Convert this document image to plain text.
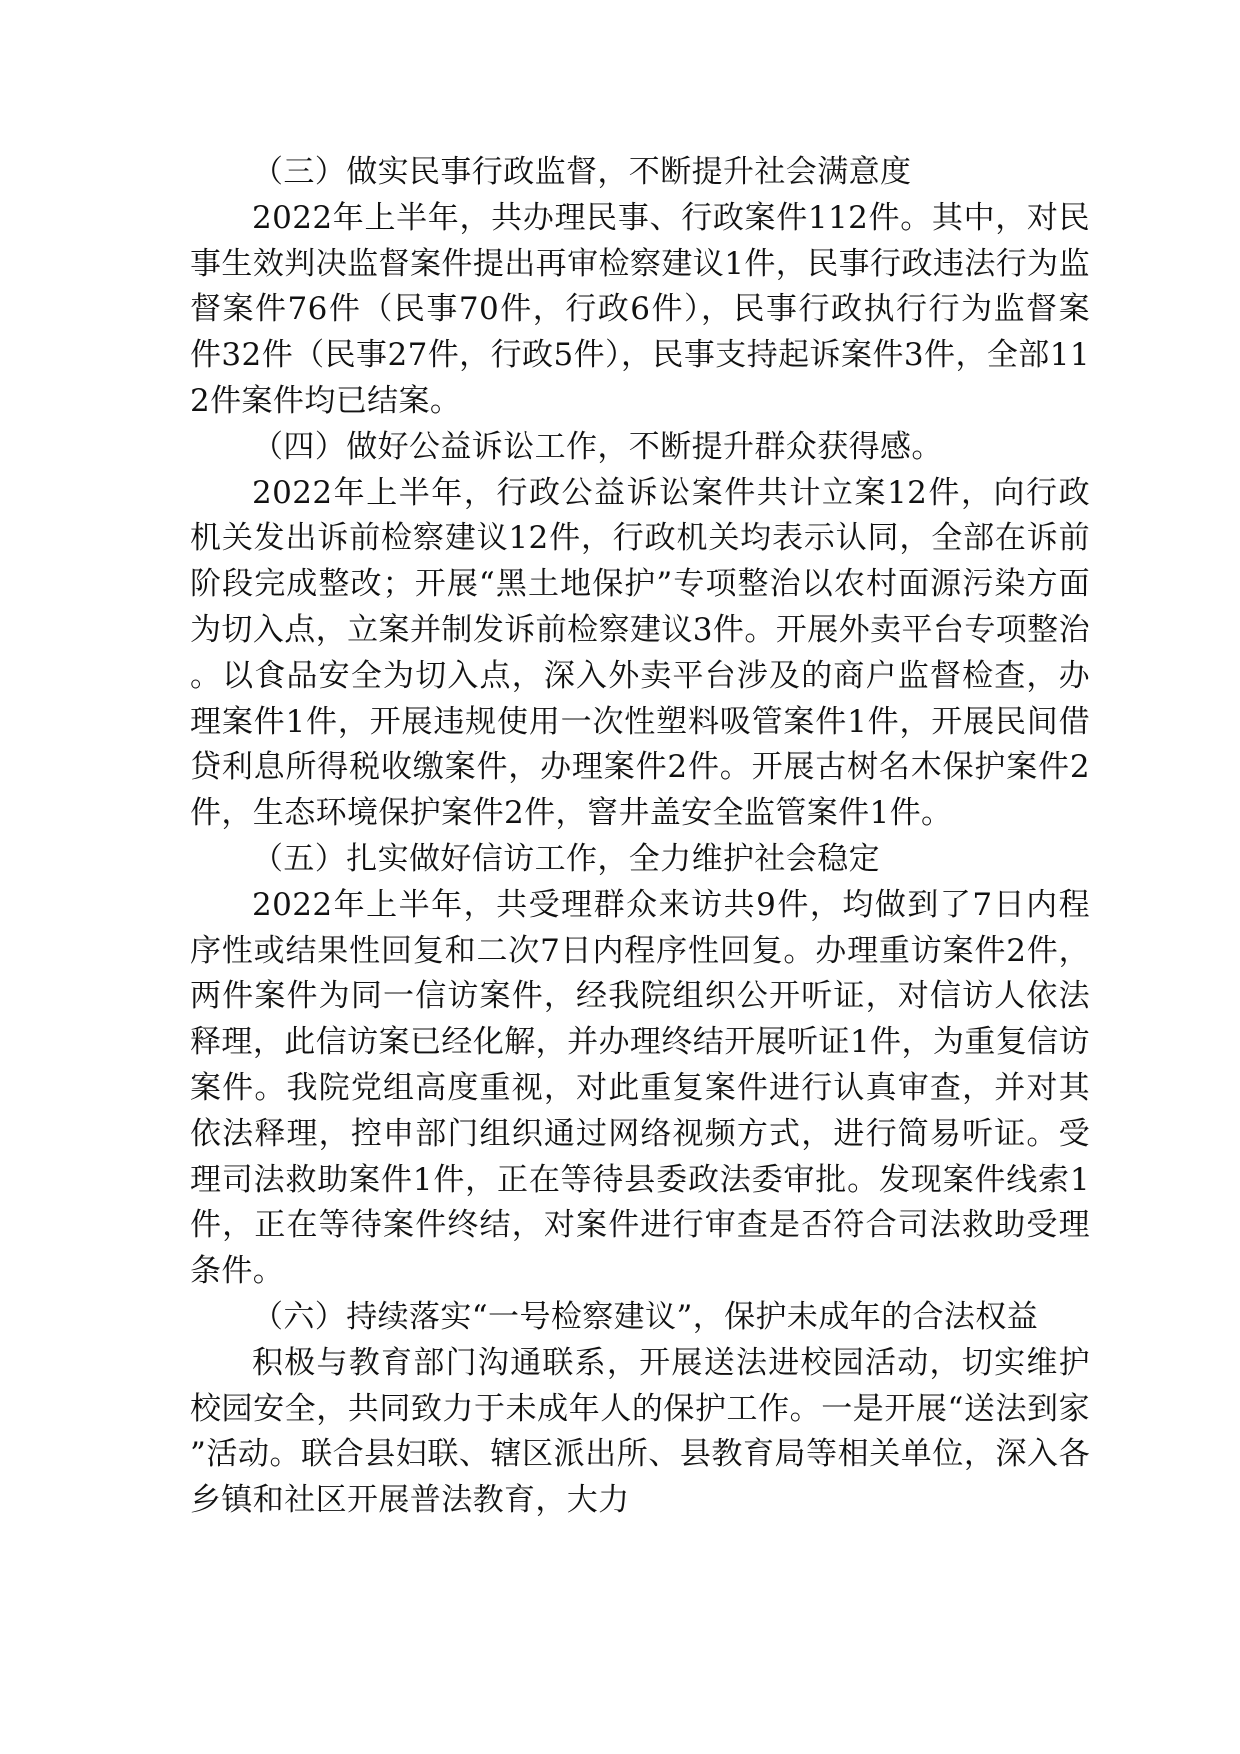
（三）做实民事行政监督，不断提升社会满意度

2022年上半年，共办理民事、行政案件112件。其中，对民事生效判决监督案件提出再审检察建议1件，民事行政违法行为监督案件76件（民事70件，行政6件），民事行政执行行为监督案件32件（民事27件，行政5件），民事支持起诉案件3件，全部112件案件均已结案。

（四）做好公益诉讼工作，不断提升群众获得感。

2022年上半年，行政公益诉讼案件共计立案12件，向行政机关发出诉前检察建议12件，行政机关均表示认同，全部在诉前阶段完成整改；开展“黑土地保护”专项整治以农村面源污染方面为切入点，立案并制发诉前检察建议3件。开展外卖平台专项整治。以食品安全为切入点，深入外卖平台涉及的商户监督检查，办理案件1件，开展违规使用一次性塑料吸管案件1件，开展民间借贷利息所得税收缴案件，办理案件2件。开展古树名木保护案件2件，生态环境保护案件2件，窨井盖安全监管案件1件。

（五）扎实做好信访工作，全力维护社会稳定

2022年上半年，共受理群众来访共9件，均做到了7日内程序性或结果性回复和二次7日内程序性回复。办理重访案件2件，两件案件为同一信访案件，经我院组织公开听证，对信访人依法释理，此信访案已经化解，并办理终结开展听证1件，为重复信访案件。我院党组高度重视，对此重复案件进行认真审查，并对其依法释理，控申部门组织通过网络视频方式，进行简易听证。受理司法救助案件1件，正在等待县委政法委审批。发现案件线索1件，正在等待案件终结，对案件进行审查是否符合司法救助受理条件。

（六）持续落实“一号检察建议”，保护未成年的合法权益

积极与教育部门沟通联系，开展送法进校园活动，切实维护校园安全，共同致力于未成年人的保护工作。一是开展“送法到家”活动。联合县妇联、辖区派出所、县教育局等相关单位，深入各乡镇和社区开展普法教育，大力
